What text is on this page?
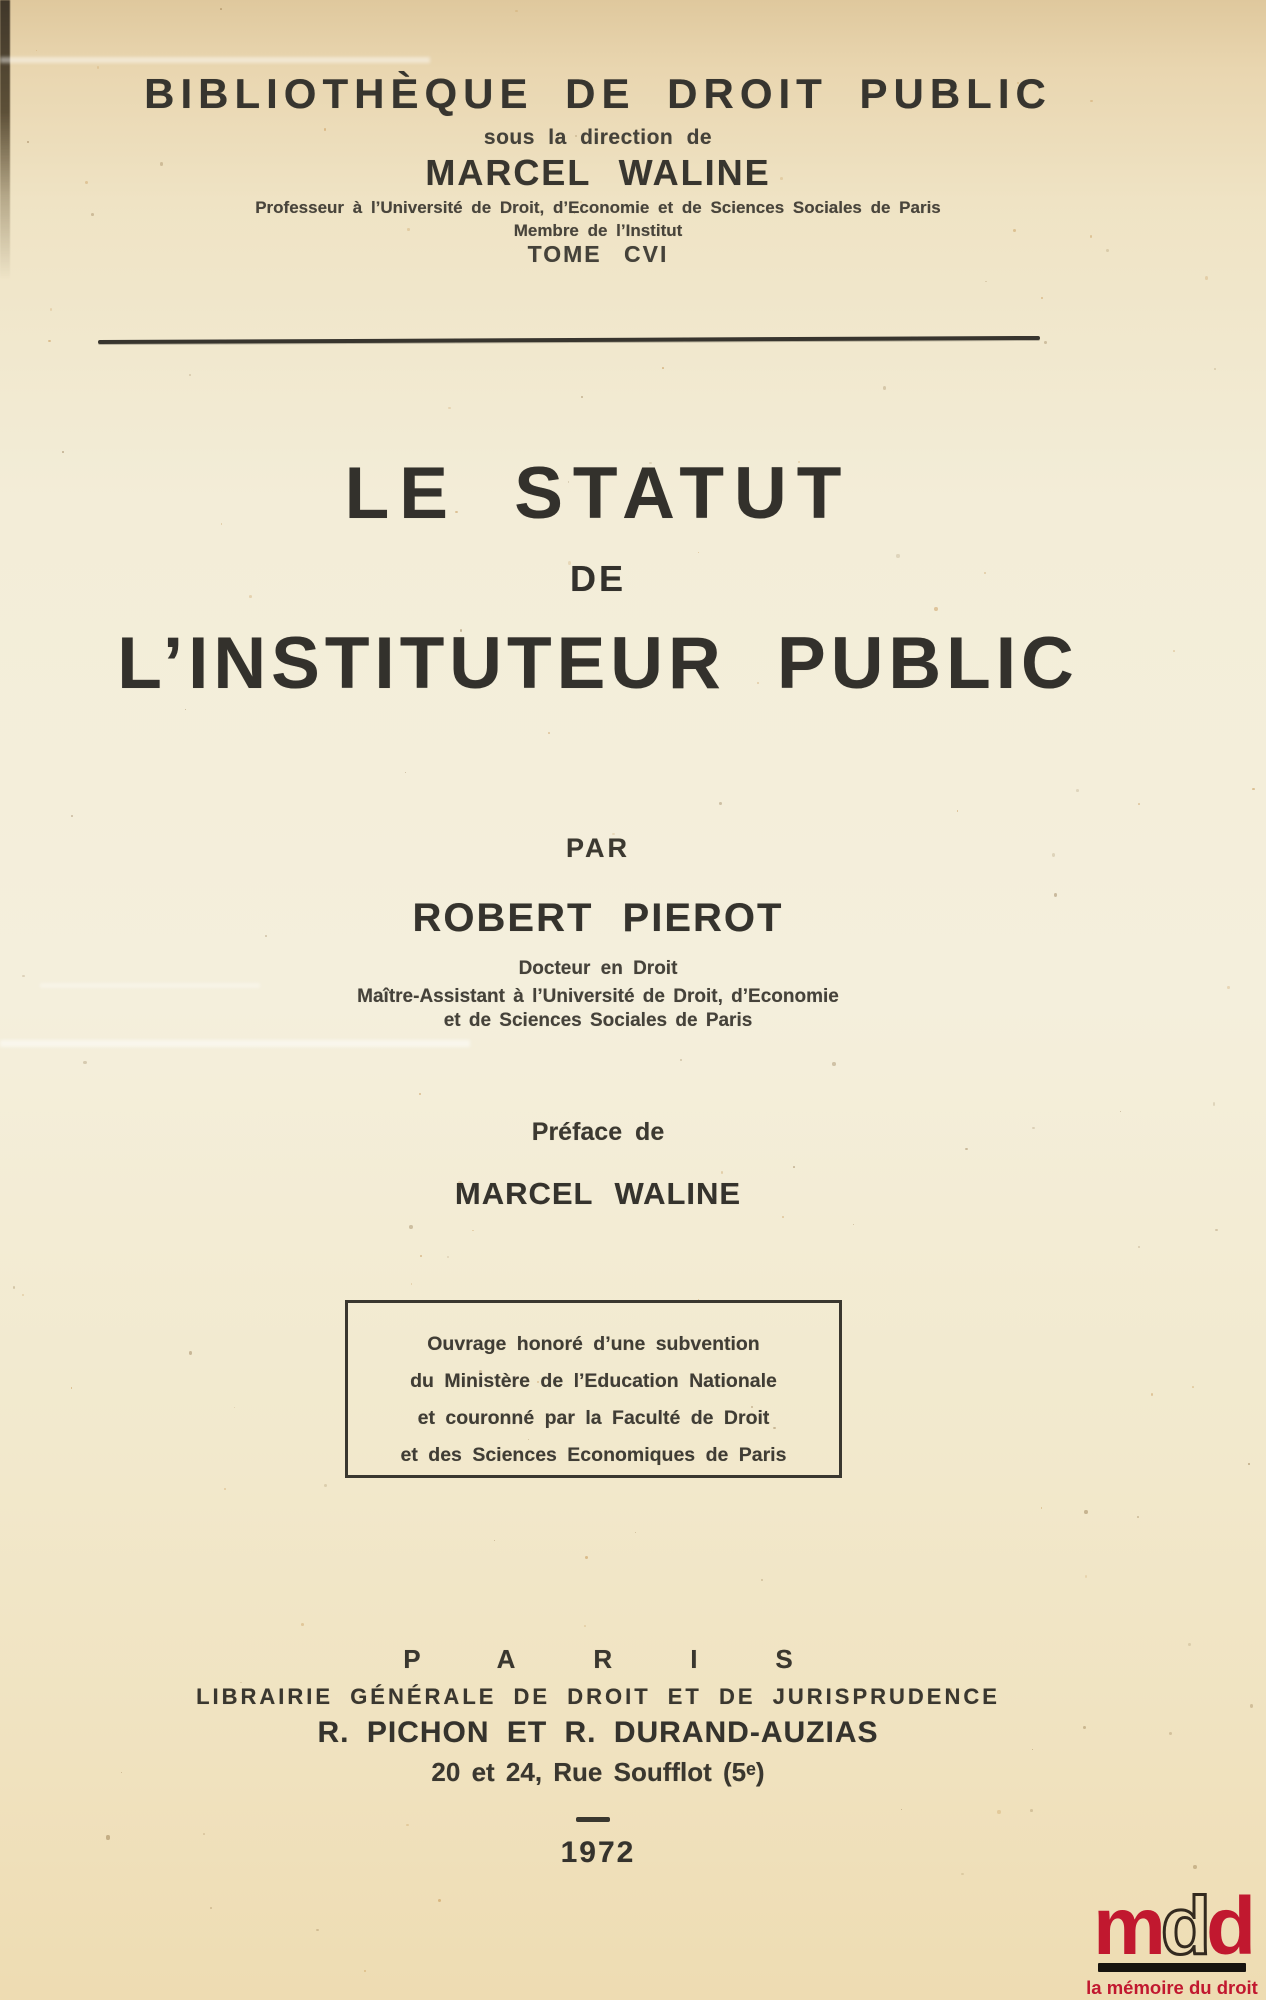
BIBLIOTHÈQUE DE DROIT PUBLIC
sous la direction de
MARCEL WALINE
Professeur à l’Université de Droit, d’Economie et de Sciences Sociales de Paris
Membre de l’Institut
TOME CVI
LE STATUT
DE
L’INSTITUTEUR PUBLIC
PAR
ROBERT PIEROT
Docteur en Droit
Maître-Assistant à l’Université de Droit, d’Economie
et de Sciences Sociales de Paris
Préface de
MARCEL WALINE
Ouvrage honoré d’une subvention
du Ministère de l’Education Nationale
et couronné par la Faculté de Droit
et des Sciences Economiques de Paris
PARIS
LIBRAIRIE GÉNÉRALE DE DROIT ET DE JURISPRUDENCE
R. PICHON ET R. DURAND-AUZIAS
20 et 24, Rue Soufflot (5ᵉ)
1972
mdd
la mémoire du droit
